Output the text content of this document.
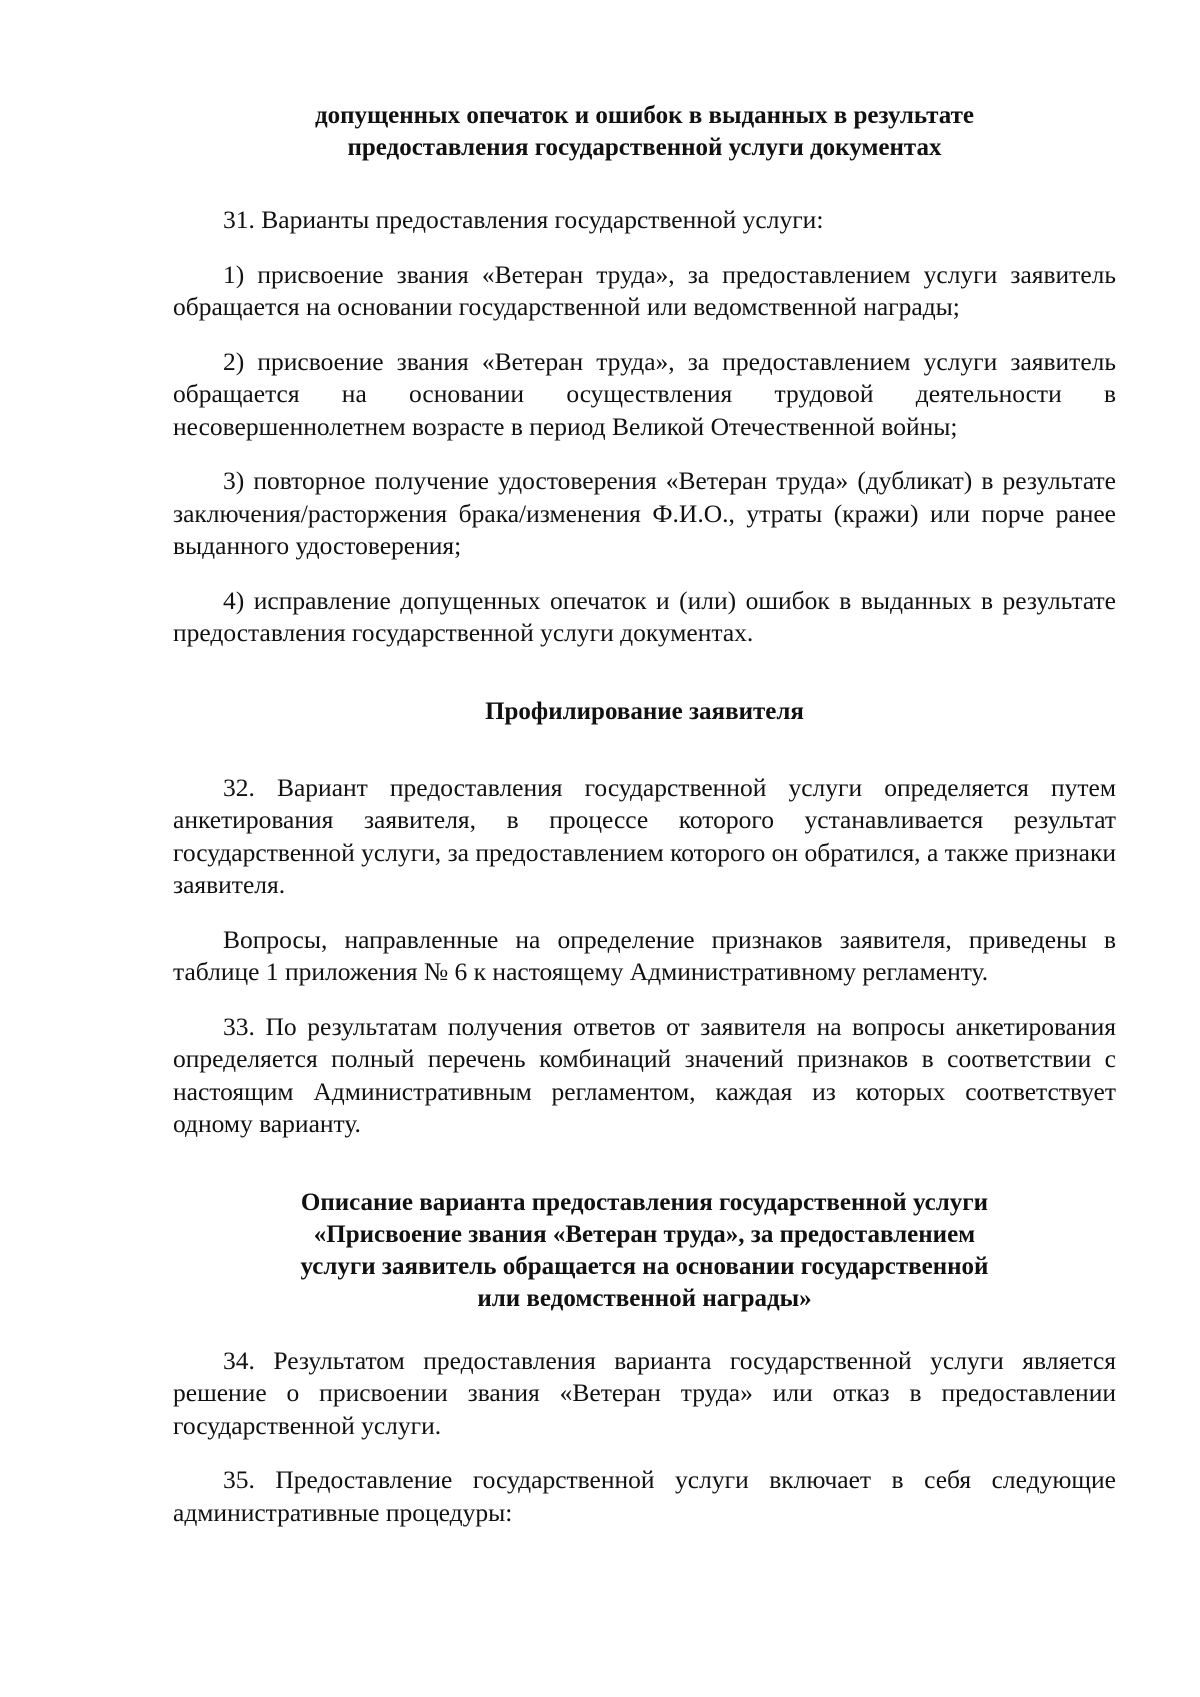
допущенных опечаток и ошибок в выданных в результате
предоставления государственной услуги документах

31. Варианты предоставления государственной услуги:

1) присвоение звания «Ветеран труда», за предоставлением услуги заявитель обращается на основании государственной или ведомственной награды;

2) присвоение звания «Ветеран труда», за предоставлением услуги заявитель обращается на основании осуществления трудовой деятельности в несовершеннолетнем возрасте в период Великой Отечественной войны;

3) повторное получение удостоверения «Ветеран труда» (дубликат) в результате заключения/расторжения брака/изменения Ф.И.О., утраты (кражи) или порче ранее выданного удостоверения;

4) исправление допущенных опечаток и (или) ошибок в выданных в результате предоставления государственной услуги документах.

Профилирование заявителя

32. Вариант предоставления государственной услуги определяется путем анкетирования заявителя, в процессе которого устанавливается результат государственной услуги, за предоставлением которого он обратился, а также признаки заявителя.

Вопросы, направленные на определение признаков заявителя, приведены в таблице 1 приложения № 6 к настоящему Административному регламенту.

33. По результатам получения ответов от заявителя на вопросы анкетирования определяется полный перечень комбинаций значений признаков в соответствии с настоящим Административным регламентом, каждая из которых соответствует одному варианту.

Описание варианта предоставления государственной услуги
«Присвоение звания «Ветеран труда», за предоставлением
услуги заявитель обращается на основании государственной
или ведомственной награды»

34. Результатом предоставления варианта государственной услуги является решение о присвоении звания «Ветеран труда» или отказ в предоставлении государственной услуги.

35. Предоставление государственной услуги включает в себя следующие административные процедуры:
